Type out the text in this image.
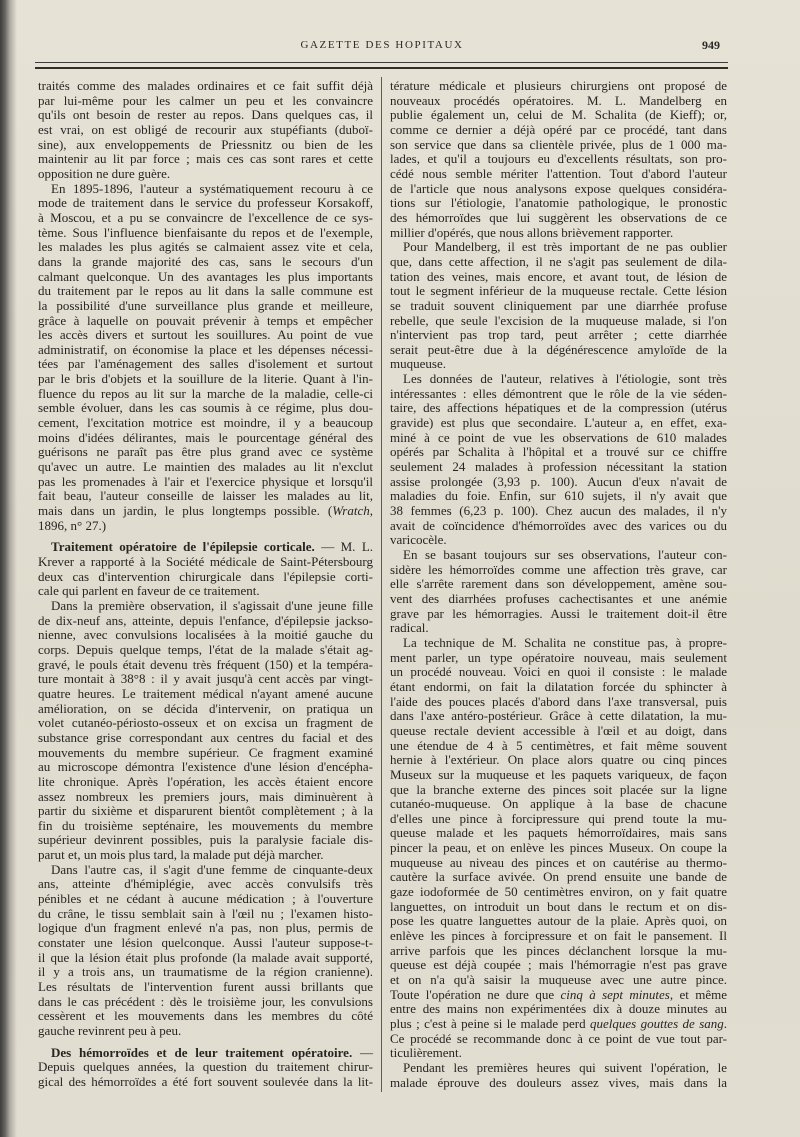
GAZETTE DES HOPITAUX	949
traités comme des malades ordinaires et ce fait suffit déjà
par lui-même pour les calmer un peu et les convaincre
qu'ils ont besoin de rester au repos. Dans quelques cas, il
est vrai, on est obligé de recourir aux stupéfiants (duboï-
sine), aux enveloppements de Priessnitz ou bien de les
maintenir au lit par force ; mais ces cas sont rares et cette
opposition ne dure guère.
En 1895-1896, l'auteur a systématiquement recouru à ce
mode de traitement dans le service du professeur Korsakoff,
à Moscou, et a pu se convaincre de l'excellence de ce sys-
tème. Sous l'influence bienfaisante du repos et de l'exemple,
les malades les plus agités se calmaient assez vite et cela,
dans la grande majorité des cas, sans le secours d'un
calmant quelconque. Un des avantages les plus importants
du traitement par le repos au lit dans la salle commune est
la possibilité d'une surveillance plus grande et meilleure,
grâce à laquelle on pouvait prévenir à temps et empêcher
les accès divers et surtout les souillures. Au point de vue
administratif, on économise la place et les dépenses nécessi-
tées par l'aménagement des salles d'isolement et surtout
par le bris d'objets et la souillure de la literie. Quant à l'in-
fluence du repos au lit sur la marche de la maladie, celle-ci
semble évoluer, dans les cas soumis à ce régime, plus dou-
cement, l'excitation motrice est moindre, il y a beaucoup
moins d'idées délirantes, mais le pourcentage général des
guérisons ne paraît pas être plus grand avec ce système
qu'avec un autre. Le maintien des malades au lit n'exclut
pas les promenades à l'air et l'exercice physique et lorsqu'il
fait beau, l'auteur conseille de laisser les malades au lit,
mais dans un jardin, le plus longtemps possible. (Wratch,
1896, n° 27.)
Traitement opératoire de l'épilepsie corticale. — M. L.
Krever a rapporté à la Société médicale de Saint-Pétersbourg
deux cas d'intervention chirurgicale dans l'épilepsie corti-
cale qui parlent en faveur de ce traitement.
Dans la première observation, il s'agissait d'une jeune fille
de dix-neuf ans, atteinte, depuis l'enfance, d'épilepsie jackso-
nienne, avec convulsions localisées à la moitié gauche du
corps. Depuis quelque temps, l'état de la malade s'était ag-
gravé, le pouls était devenu très fréquent (150) et la tempéra-
ture montait à 38°8 : il y avait jusqu'à cent accès par vingt-
quatre heures. Le traitement médical n'ayant amené aucune
amélioration, on se décida d'intervenir, on pratiqua un
volet cutanéo-périosto-osseux et on excisa un fragment de
substance grise correspondant aux centres du facial et des
mouvements du membre supérieur. Ce fragment examiné
au microscope démontra l'existence d'une lésion d'encépha-
lite chronique. Après l'opération, les accès étaient encore
assez nombreux les premiers jours, mais diminuèrent à
partir du sixième et disparurent bientôt complètement ; à la
fin du troisième septénaire, les mouvements du membre
supérieur devinrent possibles, puis la paralysie faciale dis-
parut et, un mois plus tard, la malade put déjà marcher.
Dans l'autre cas, il s'agit d'une femme de cinquante-deux
ans, atteinte d'hémiplégie, avec accès convulsifs très
pénibles et ne cédant à aucune médication ; à l'ouverture
du crâne, le tissu semblait sain à l'œil nu ; l'examen histo-
logique d'un fragment enlevé n'a pas, non plus, permis de
constater une lésion quelconque. Aussi l'auteur suppose-t-
il que la lésion était plus profonde (la malade avait supporté,
il y a trois ans, un traumatisme de la région cranienne).
Les résultats de l'intervention furent aussi brillants que
dans le cas précédent : dès le troisième jour, les convulsions
cessèrent et les mouvements dans les membres du côté
gauche revinrent peu à peu.
Des hémorroïdes et de leur traitement opératoire. —
Depuis quelques années, la question du traitement chirur-
gical des hémorroïdes a été fort souvent soulevée dans la lit-
térature médicale et plusieurs chirurgiens ont proposé de
nouveaux procédés opératoires. M. L. Mandelberg en
publie également un, celui de M. Schalita (de Kieff); or,
comme ce dernier a déjà opéré par ce procédé, tant dans
son service que dans sa clientèle privée, plus de 1 000 ma-
lades, et qu'il a toujours eu d'excellents résultats, son pro-
cédé nous semble mériter l'attention. Tout d'abord l'auteur
de l'article que nous analysons expose quelques considéra-
tions sur l'étiologie, l'anatomie pathologique, le pronostic
des hémorroïdes que lui suggèrent les observations de ce
millier d'opérés, que nous allons brièvement rapporter.
Pour Mandelberg, il est très important de ne pas oublier
que, dans cette affection, il ne s'agit pas seulement de dila-
tation des veines, mais encore, et avant tout, de lésion de
tout le segment inférieur de la muqueuse rectale. Cette lésion
se traduit souvent cliniquement par une diarrhée profuse
rebelle, que seule l'excision de la muqueuse malade, si l'on
n'intervient pas trop tard, peut arrêter ; cette diarrhée
serait peut-être due à la dégénérescence amyloïde de la
muqueuse.
Les données de l'auteur, relatives à l'étiologie, sont très
intéressantes : elles démontrent que le rôle de la vie séden-
taire, des affections hépatiques et de la compression (utérus
gravide) est plus que secondaire. L'auteur a, en effet, exa-
miné à ce point de vue les observations de 610 malades
opérés par Schalita à l'hôpital et a trouvé sur ce chiffre
seulement 24 malades à profession nécessitant la station
assise prolongée (3,93 p. 100). Aucun d'eux n'avait de
maladies du foie. Enfin, sur 610 sujets, il n'y avait que
38 femmes (6,23 p. 100). Chez aucun des malades, il n'y
avait de coïncidence d'hémorroïdes avec des varices ou du
varicocèle.
En se basant toujours sur ses observations, l'auteur con-
sidère les hémorroïdes comme une affection très grave, car
elle s'arrête rarement dans son développement, amène sou-
vent des diarrhées profuses cachectisantes et une anémie
grave par les hémorragies. Aussi le traitement doit-il être
radical.
La technique de M. Schalita ne constitue pas, à propre-
ment parler, un type opératoire nouveau, mais seulement
un procédé nouveau. Voici en quoi il consiste : le malade
étant endormi, on fait la dilatation forcée du sphincter à
l'aide des pouces placés d'abord dans l'axe transversal, puis
dans l'axe antéro-postérieur. Grâce à cette dilatation, la mu-
queuse rectale devient accessible à l'œil et au doigt, dans
une étendue de 4 à 5 centimètres, et fait même souvent
hernie à l'extérieur. On place alors quatre ou cinq pinces
Museux sur la muqueuse et les paquets variqueux, de façon
que la branche externe des pinces soit placée sur la ligne
cutanéo-muqueuse. On applique à la base de chacune
d'elles une pince à forcipressure qui prend toute la mu-
queuse malade et les paquets hémorroïdaires, mais sans
pincer la peau, et on enlève les pinces Museux. On coupe la
muqueuse au niveau des pinces et on cautérise au thermo-
cautère la surface avivée. On prend ensuite une bande de
gaze iodoformée de 50 centimètres environ, on y fait quatre
languettes, on introduit un bout dans le rectum et on dis-
pose les quatre languettes autour de la plaie. Après quoi, on
enlève les pinces à forcipressure et on fait le pansement. Il
arrive parfois que les pinces déclanchent lorsque la mu-
queuse est déjà coupée ; mais l'hémorragie n'est pas grave
et on n'a qu'à saisir la muqueuse avec une autre pince.
Toute l'opération ne dure que cinq à sept minutes, et même
entre des mains non expérimentées dix à douze minutes au
plus ; c'est à peine si le malade perd quelques gouttes de sang.
Ce procédé se recommande donc à ce point de vue tout par-
ticulièrement.
Pendant les premières heures qui suivent l'opération, le
malade éprouve des douleurs assez vives, mais dans la
